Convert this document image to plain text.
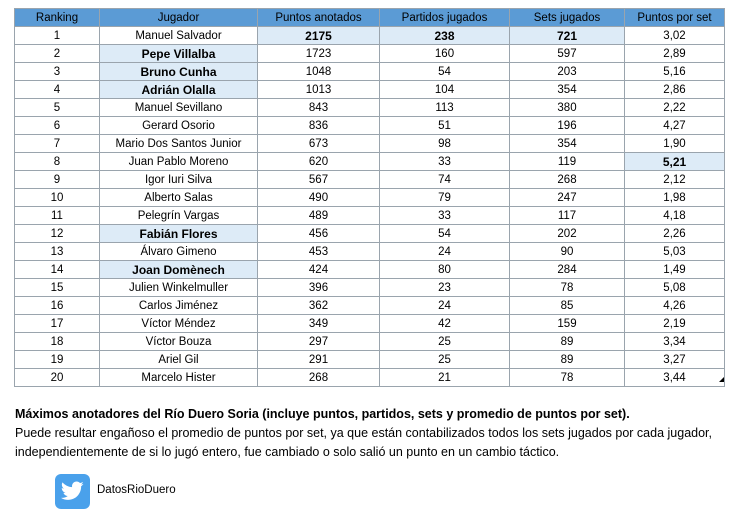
Ranking	Jugador	Puntos anotados	Partidos jugados	Sets jugados	Puntos por set
1	Manuel Salvador	2175	238	721	3,02
2	Pepe Villalba	1723	160	597	2,89
3	Bruno Cunha	1048	54	203	5,16
4	Adrián Olalla	1013	104	354	2,86
5	Manuel Sevillano	843	113	380	2,22
6	Gerard Osorio	836	51	196	4,27
7	Mario Dos Santos Junior	673	98	354	1,90
8	Juan Pablo Moreno	620	33	119	5,21
9	Igor Iuri Silva	567	74	268	2,12
10	Alberto Salas	490	79	247	1,98
11	Pelegrín Vargas	489	33	117	4,18
12	Fabián Flores	456	54	202	2,26
13	Álvaro Gimeno	453	24	90	5,03
14	Joan Domènech	424	80	284	1,49
15	Julien Winkelmuller	396	23	78	5,08
16	Carlos Jiménez	362	24	85	4,26
17	Víctor Méndez	349	42	159	2,19
18	Víctor Bouza	297	25	89	3,34
19	Ariel Gil	291	25	89	3,27
20	Marcelo Hister	268	21	78	3,44
Máximos anotadores del Río Duero Soria (incluye puntos, partidos, sets y promedio de puntos por set).
Puede resultar engañoso el promedio de puntos por set, ya que están contabilizados todos los sets jugados por cada jugador, independientemente de si lo jugó entero, fue cambiado o solo salió un punto en un cambio táctico.
DatosRioDuero
